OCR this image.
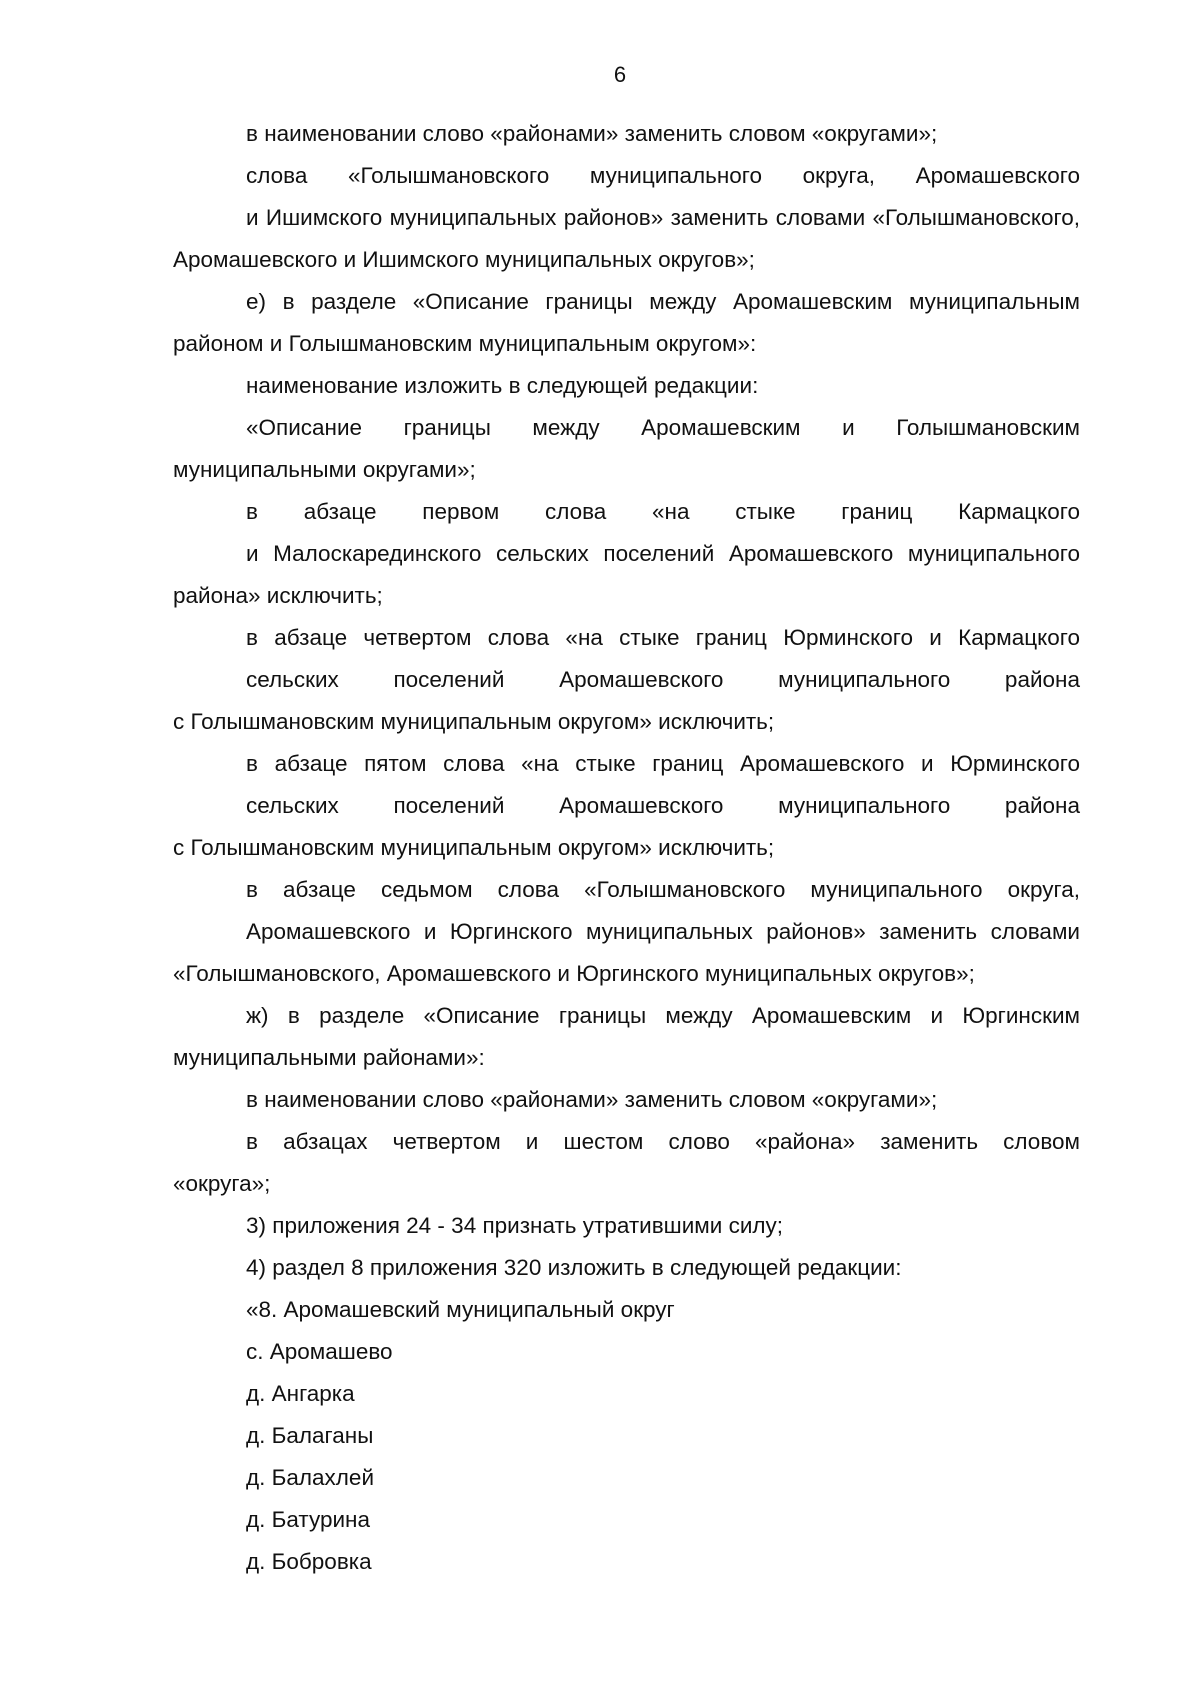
6
в наименовании слово «районами» заменить словом «округами»;
слова «Голышмановского муниципального округа, Аромашевского
и Ишимского муниципальных районов» заменить словами «Голышмановского,
Аромашевского и Ишимского муниципальных округов»;
е) в разделе «Описание границы между Аромашевским муниципальным
районом и Голышмановским муниципальным округом»:
наименование изложить в следующей редакции:
«Описание границы между Аромашевским и Голышмановским
муниципальными округами»;
в абзаце первом слова «на стыке границ Кармацкого
и Малоскарединского сельских поселений Аромашевского муниципального
района» исключить;
в абзаце четвертом слова «на стыке границ Юрминского и Кармацкого
сельских поселений Аромашевского муниципального района
с Голышмановским муниципальным округом» исключить;
в абзаце пятом слова «на стыке границ Аромашевского и Юрминского
сельских поселений Аромашевского муниципального района
с Голышмановским муниципальным округом» исключить;
в абзаце седьмом слова «Голышмановского муниципального округа,
Аромашевского и Юргинского муниципальных районов» заменить словами
«Голышмановского, Аромашевского и Юргинского муниципальных округов»;
ж) в разделе «Описание границы между Аромашевским и Юргинским
муниципальными районами»:
в наименовании слово «районами» заменить словом «округами»;
в абзацах четвертом и шестом слово «района» заменить словом
«округа»;
3) приложения 24 - 34 признать утратившими силу;
4) раздел 8 приложения 320 изложить в следующей редакции:
«8. Аромашевский муниципальный округ
с. Аромашево
д. Ангарка
д. Балаганы
д. Балахлей
д. Батурина
д. Бобровка
